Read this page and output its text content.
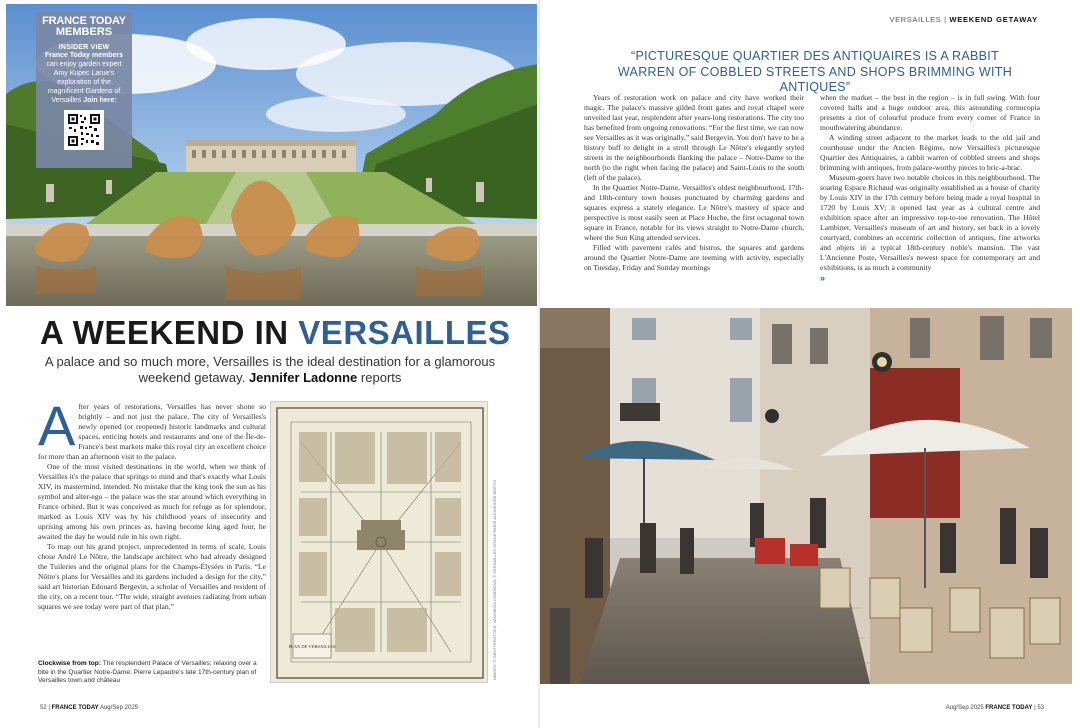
FRANCE TODAY
MEMBERS
INSIDER VIEW
France Today members can enjoy garden expert Amy Kupec Larue's exploration of the magnificent Gardens of Versailles Join here:
A WEEKEND IN VERSAILLES
A palace and so much more, Versailles is the ideal destination for a glamorous weekend getaway. Jennifer Ladonne reports
A fter years of restorations, Versailles has never shone so brightly – and not just the palace. The city of Versailles's newly opened (or reopened) historic landmarks and cultural spaces, enticing hotels and restaurants and one of the Île-de-France's best markets make this royal city an excellent choice for more than an afternoon visit to the palace.

One of the most visited destinations in the world, when we think of Versailles it's the palace that springs to mind and that's exactly what Louis XIV, its mastermind, intended. No mistake that the king took the sun as his symbol and alter-ego – the palace was the star around which everything in France orbited. But it was conceived as much for refuge as for splendour, marked as Louis XIV was by his childhood years of insecurity and uprising among his own princes as, having become king aged four, he awaited the day he would rule in his own right.

To map out his grand project, unprecedented in terms of scale, Louis chose André Le Nôtre, the landscape architect who had already designed the Tuileries and the original plans for the Champs-Élysées in Paris. “Le Nôtre's plans for Versailles and its gardens included a design for the city,” said art historian Edouard Bergevin, a scholar of Versailles and resident of the city, on a recent tour. “The wide, straight avenues radiating from urban squares we see today were part of that plan.”

PLAN DE VERSAILLES	IMAGES: © SHUTTERSTOCK; WIKIMEDIA COMMONS; © VERSAILLES GRAND PARIS ALEXANDRE BERTIN
Clockwise from top: The resplendent Palace of Versailles; relaxing over a bite in the Quartier Notre-Dame; Pierre Lepautre's late 17th-century plan of Versailles town and château
52 | FRANCE TODAY Aug/Sep 2025
VERSAILLES | WEEKEND GETAWAY
“PICTURESQUE QUARTIER DES ANTIQUAIRES IS A RABBIT WARREN OF COBBLED STREETS AND SHOPS BRIMMING WITH ANTIQUES”

Years of restoration work on palace and city have worked their magic. The palace's massive gilded front gates and royal chapel were unveiled last year, resplendent after years-long restorations. The city too has benefited from ongoing renovations. “For the first time, we can now see Versailles as it was originally,” said Bergevin. You don't have to be a history buff to delight in a stroll through Le Nôtre's elegantly styled streets in the neighbourhoods flanking the palace – Notre-Dame to the north (to the right when facing the palace) and Saint-Louis to the south (left of the palace).

In the Quartier Notre-Dame, Versailles's oldest neighbourhood, 17th- and 18th-century town houses punctuated by charming gardens and squares express a stately elegance. Le Nôtre's mastery of space and perspective is most easily seen at Place Hoche, the first octagonal town square in France, notable for its views straight to Notre-Dame church, where the Sun King attended services.

Filled with pavement cafés and bistros, the squares and gardens around the Quartier Notre-Dame are teeming with activity, especially on Tuesday, Friday and Sunday mornings

when the market – the best in the region – is in full swing. With four covered halls and a huge outdoor area, this astounding cornucopia presents a riot of colourful produce from every corner of France in mouthwatering abundance.

A winding street adjacent to the market leads to the old jail and courthouse under the Ancien Régime, now Versailles's picturesque Quartier des Antiquaires, a rabbit warren of cobbled streets and shops brimming with antiques, from palace-worthy pieces to bric-a-brac.

Museum-goers have two notable choices in this neighbourhood. The soaring Espace Richaud was originally established as a house of charity by Louis XIV in the 17th century before being made a royal hospital in 1720 by Louis XV; it opened last year as a cultural centre and exhibition space after an impressive top-to-toe renovation. The Hôtel Lambinet, Versailles's museum of art and history, set back in a lovely courtyard, combines an eccentric collection of antiques, fine artworks and objets in a typical 18th-century noble's mansion. The vast L'Ancienne Poste, Versailles's newest space for contemporary art and exhibitions, is as much a community

»
Aug/Sep 2025 FRANCE TODAY | 53
